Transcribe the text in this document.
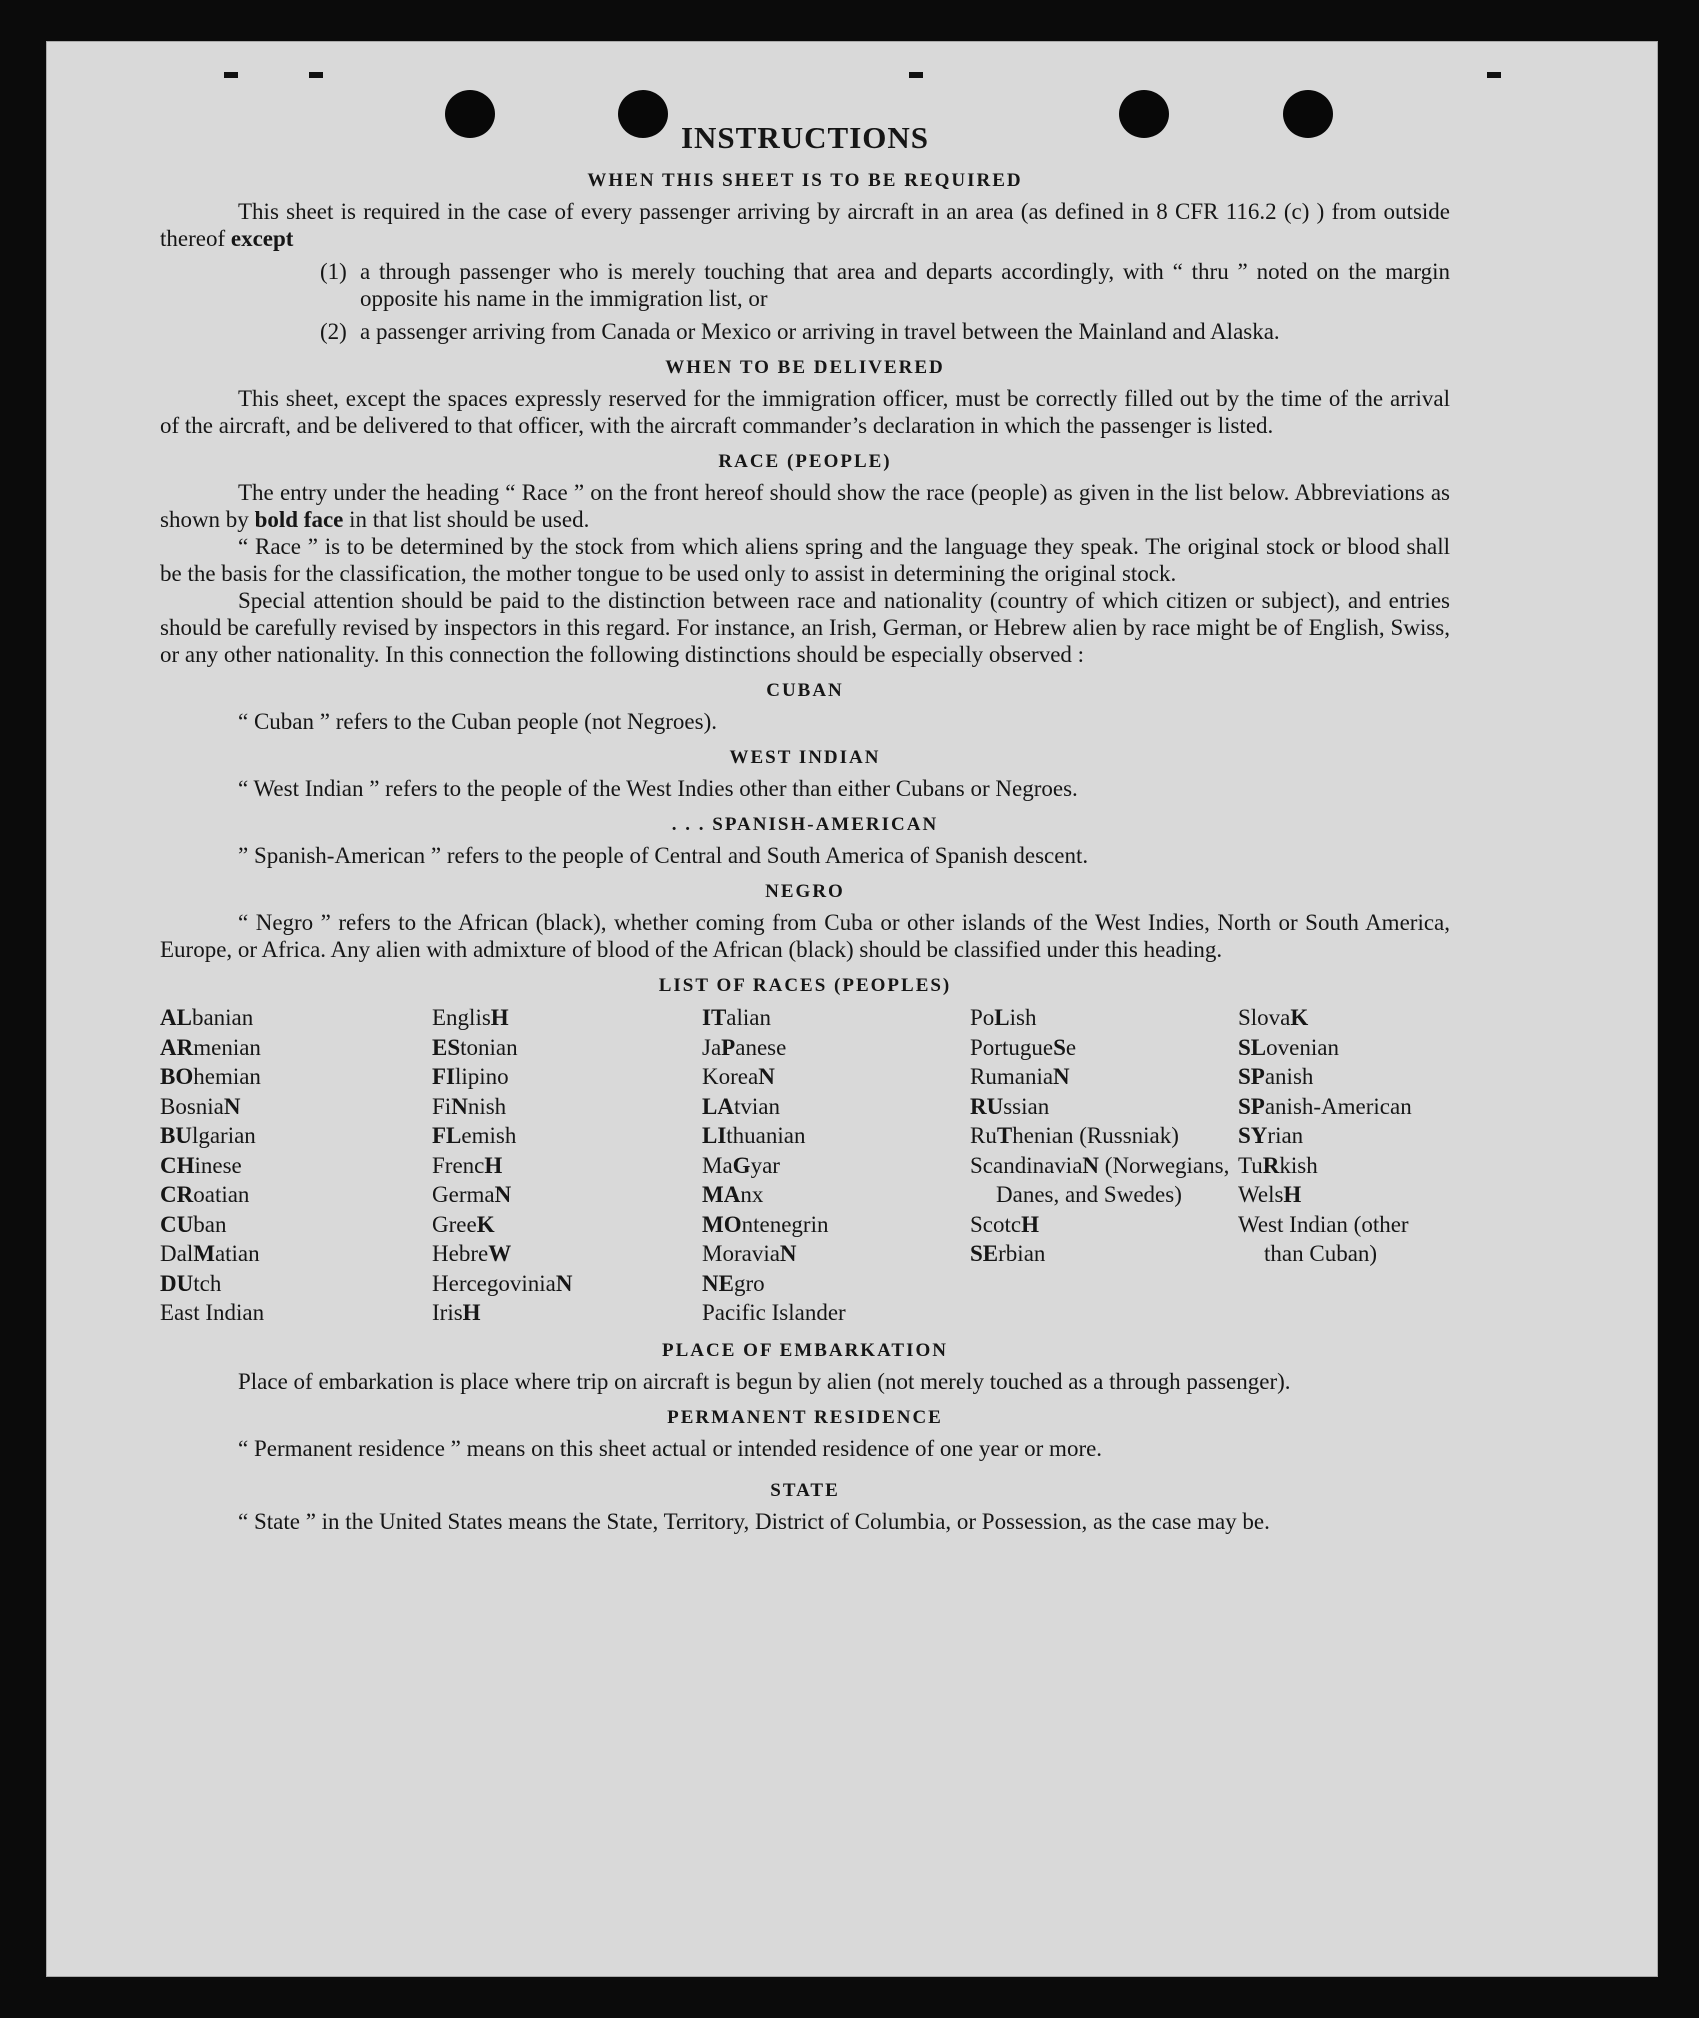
INSTRUCTIONS
WHEN THIS SHEET IS TO BE REQUIRED

This sheet is required in the case of every passenger arriving by aircraft in an area (as defined in 8 CFR 116.2 (c) ) from outside thereof except

(1) a through passenger who is merely touching that area and departs accordingly, with “ thru ” noted on the margin opposite his name in the immigration list, or
(2) a passenger arriving from Canada or Mexico or arriving in travel between the Mainland and Alaska.
WHEN TO BE DELIVERED

This sheet, except the spaces expressly reserved for the immigration officer, must be correctly filled out by the time of the arrival of the aircraft, and be delivered to that officer, with the aircraft commander’s declaration in which the passenger is listed.

RACE (PEOPLE)

The entry under the heading “ Race ” on the front hereof should show the race (people) as given in the list below. Abbreviations as shown by bold face in that list should be used.

“ Race ” is to be determined by the stock from which aliens spring and the language they speak. The original stock or blood shall be the basis for the classification, the mother tongue to be used only to assist in determining the original stock.

Special attention should be paid to the distinction between race and nationality (country of which citizen or subject), and entries should be carefully revised by inspectors in this regard. For instance, an Irish, German, or Hebrew alien by race might be of English, Swiss, or any other nationality. In this connection the following distinctions should be especially observed :

CUBAN

“ Cuban ” refers to the Cuban people (not Negroes).

WEST INDIAN

“ West Indian ” refers to the people of the West Indies other than either Cubans or Negroes.

. . . SPANISH-AMERICAN

” Spanish-American ” refers to the people of Central and South America of Spanish descent.

NEGRO

“ Negro ” refers to the African (black), whether coming from Cuba or other islands of the West Indies, North or South America, Europe, or Africa. Any alien with admixture of blood of the African (black) should be classified under this heading.

LIST OF RACES (PEOPLES)
ALbanian
ARmenian
BOhemian
BosniaN
BUlgarian
CHinese
CRoatian
CUban
DalMatian
DUtch
East Indian
EnglisH
EStonian
FIlipino
FiNnish
FLemish
FrencH
GermaN
GreeK
HebreW
HercegoviniaN
IrisH
ITalian
JaPanese
KoreaN
LAtvian
LIthuanian
MaGyar
MAnx
MOntenegrin
MoraviaN
NEgro
Pacific Islander
PoLish
PortugueSe
RumaniaN
RUssian
RuThenian (Russniak)
ScandinaviaN (Norwegians, Danes, and Swedes)
ScotcH
SErbian
SlovaK
SLovenian
SPanish
SPanish-American
SYrian
TuRkish
WelsH
West Indian (other than Cuban)
PLACE OF EMBARKATION

Place of embarkation is place where trip on aircraft is begun by alien (not merely touched as a through passenger).

PERMANENT RESIDENCE

“ Permanent residence ” means on this sheet actual or intended residence of one year or more.

STATE

“ State ” in the United States means the State, Territory, District of Columbia, or Possession, as the case may be.
